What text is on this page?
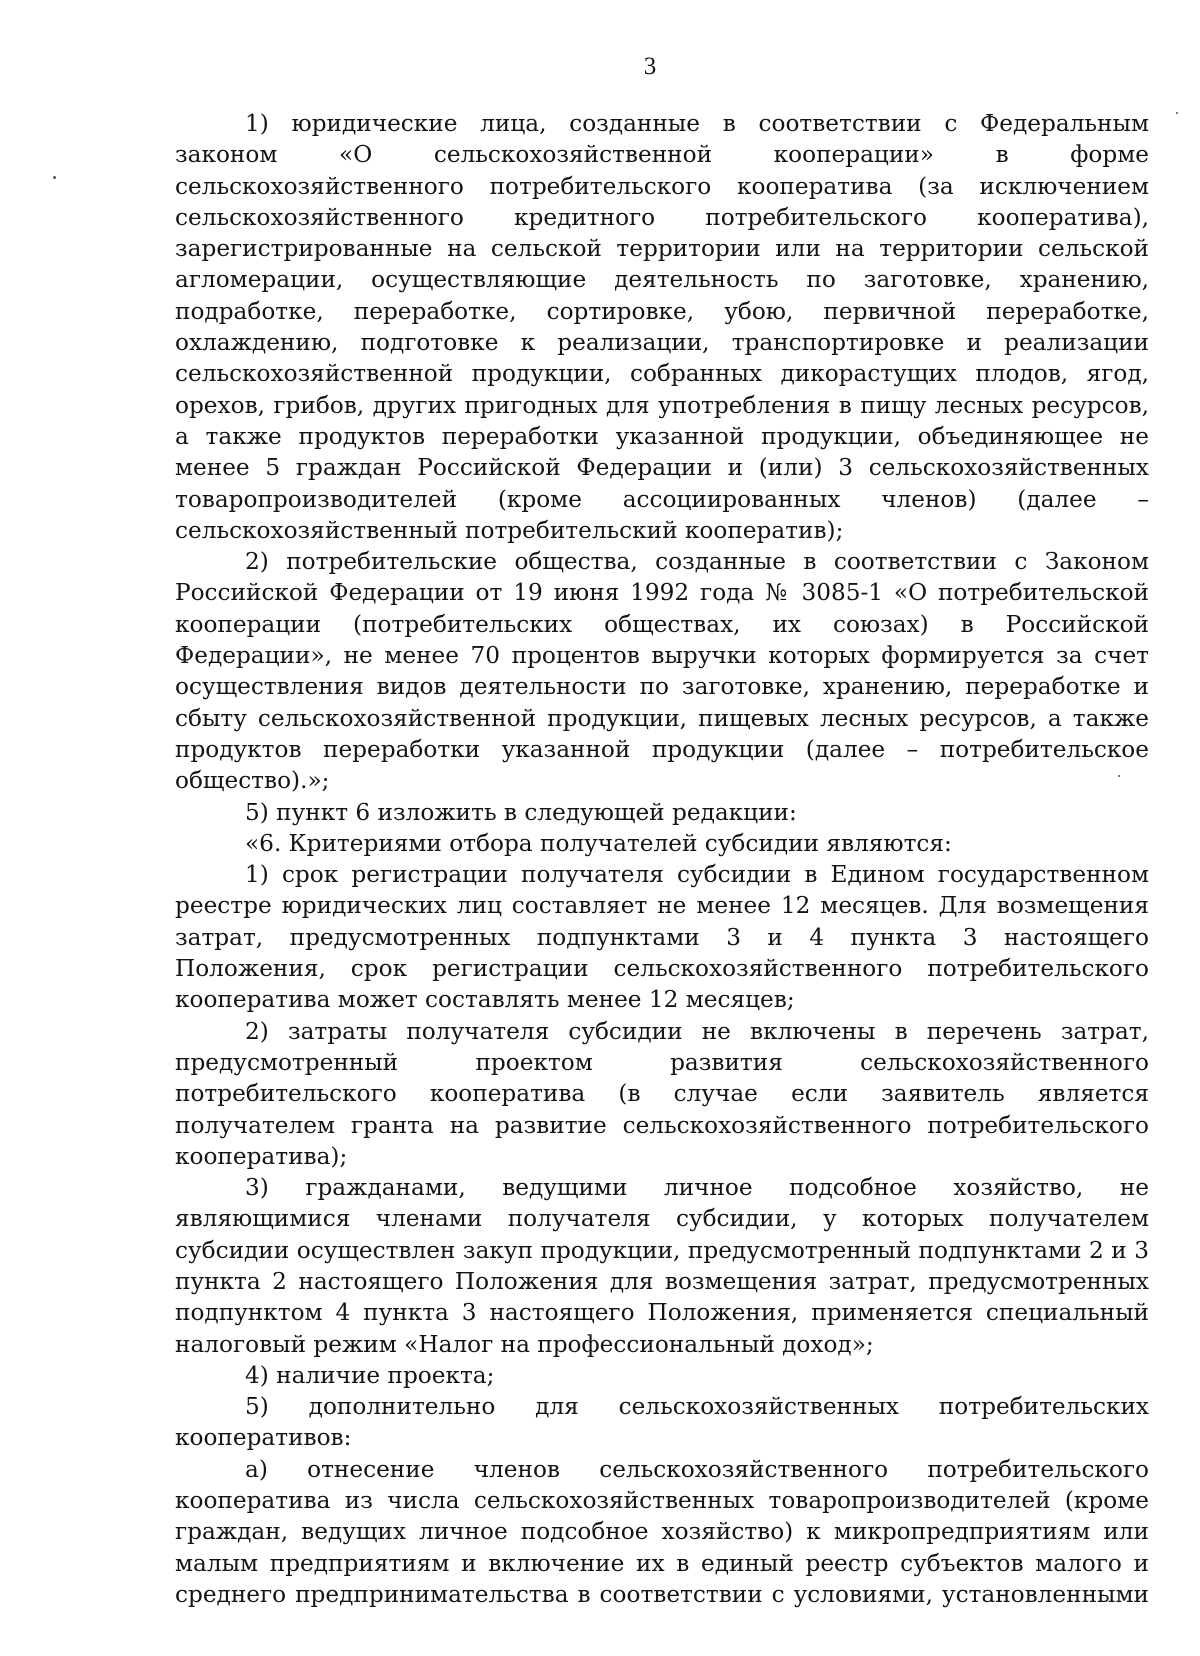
3

1) юридические лица, созданные в соответствии с Федеральным законом «О сельскохозяйственной кооперации» в форме сельскохозяйственного потребительского кооператива (за исключением сельскохозяйственного кредитного потребительского кооператива), зарегистрированные на сельской территории или на территории сельской агломерации, осуществляющие деятельность по заготовке, хранению, подработке, переработке, сортировке, убою, первичной переработке, охлаждению, подготовке к реализации, транспортировке и реализации сельскохозяйственной продукции, собранных дикорастущих плодов, ягод, орехов, грибов, других пригодных для употребления в пищу лесных ресурсов, а также продуктов переработки указанной продукции, объединяющее не менее 5 граждан Российской Федерации и (или) 3 сельскохозяйственных товаропроизводителей (кроме ассоциированных членов) (далее – сельскохозяйственный потребительский кооператив);

2) потребительские общества, созданные в соответствии с Законом Российской Федерации от 19 июня 1992 года № 3085-1 «О потребительской кооперации (потребительских обществах, их союзах) в Российской Федерации», не менее 70 процентов выручки которых формируется за счет осуществления видов деятельности по заготовке, хранению, переработке и сбыту сельскохозяйственной продукции, пищевых лесных ресурсов, а также продуктов переработки указанной продукции (далее – потребительское общество).»;

5) пункт 6 изложить в следующей редакции:

«6. Критериями отбора получателей субсидии являются:

1) срок регистрации получателя субсидии в Едином государственном реестре юридических лиц составляет не менее 12 месяцев. Для возмещения затрат, предусмотренных подпунктами 3 и 4 пункта 3 настоящего Положения, срок регистрации сельскохозяйственного потребительского кооператива может составлять менее 12 месяцев;

2) затраты получателя субсидии не включены в перечень затрат, предусмотренный проектом развития сельскохозяйственного потребительского кооператива (в случае если заявитель является получателем гранта на развитие сельскохозяйственного потребительского кооператива);

3) гражданами, ведущими личное подсобное хозяйство, не являющимися членами получателя субсидии, у которых получателем субсидии осуществлен закуп продукции, предусмотренный подпунктами 2 и 3 пункта 2 настоящего Положения для возмещения затрат, предусмотренных подпунктом 4 пункта 3 настоящего Положения, применяется специальный налоговый режим «Налог на профессиональный доход»;

4) наличие проекта;

5) дополнительно для сельскохозяйственных потребительских кооперативов:

а) отнесение членов сельскохозяйственного потребительского кооператива из числа сельскохозяйственных товаропроизводителей (кроме граждан, ведущих личное подсобное хозяйство) к микропредприятиям или малым предприятиям и включение их в единый реестр субъектов малого и среднего предпринимательства в соответствии с условиями, установленными
